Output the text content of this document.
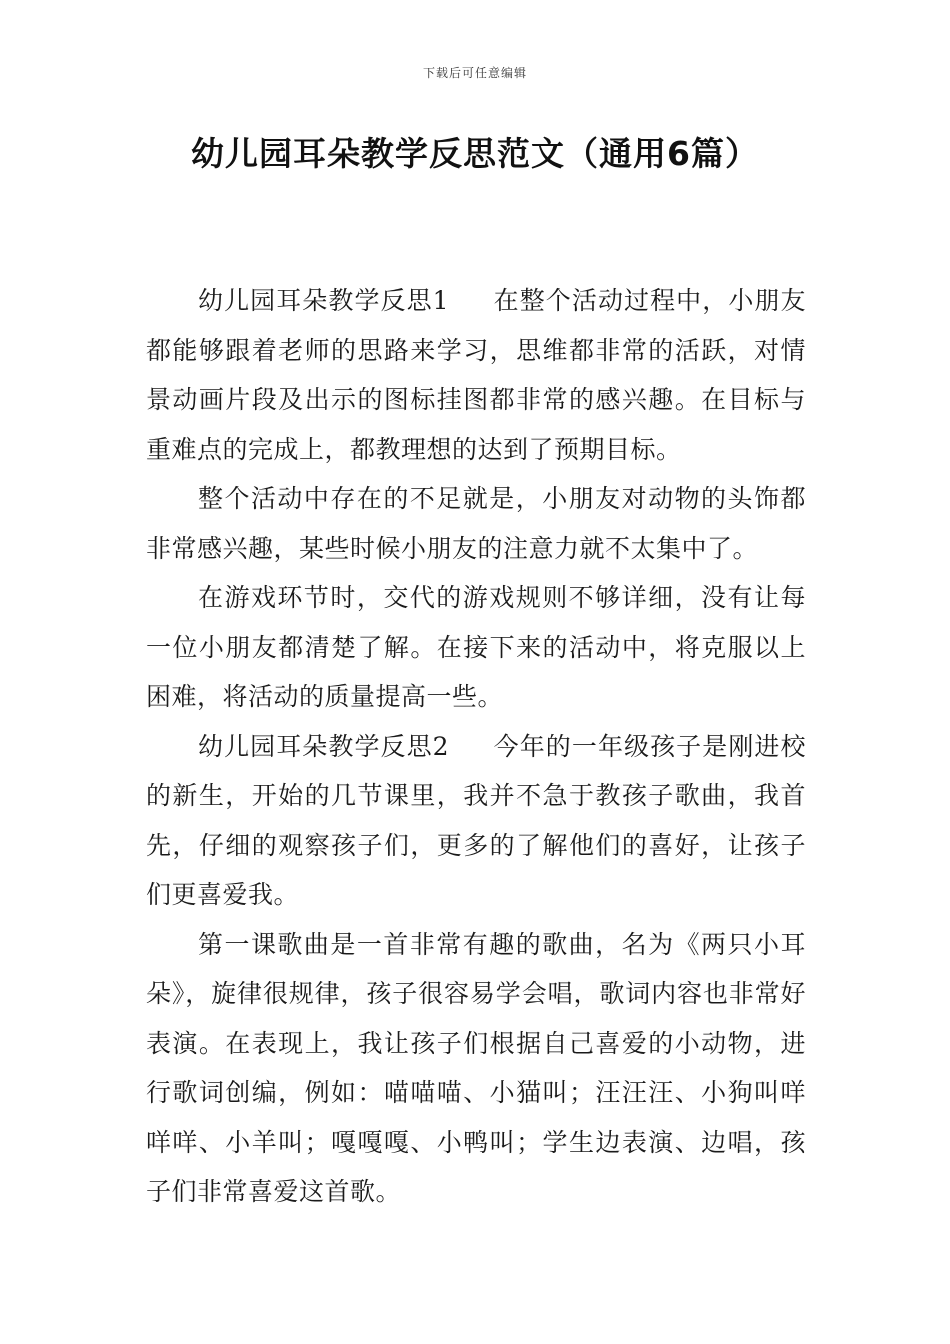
下载后可任意编辑
幼儿园耳朵教学反思范文（通用6篇）

幼儿园耳朵教学反思1 在整个活动过程中，小朋友都能够跟着老师的思路来学习，思维都非常的活跃，对情景动画片段及出示的图标挂图都非常的感兴趣。在目标与重难点的完成上，都教理想的达到了预期目标。

整个活动中存在的不足就是，小朋友对动物的头饰都非常感兴趣，某些时候小朋友的注意力就不太集中了。

在游戏环节时，交代的游戏规则不够详细，没有让每一位小朋友都清楚了解。在接下来的活动中，将克服以上困难，将活动的质量提高一些。

幼儿园耳朵教学反思2 今年的一年级孩子是刚进校的新生，开始的几节课里，我并不急于教孩子歌曲，我首先，仔细的观察孩子们，更多的了解他们的喜好，让孩子们更喜爱我。

第一课歌曲是一首非常有趣的歌曲，名为《两只小耳朵》，旋律很规律，孩子很容易学会唱，歌词内容也非常好表演。在表现上，我让孩子们根据自己喜爱的小动物，进行歌词创编，例如：喵喵喵、小猫叫；汪汪汪、小狗叫咩咩咩、小羊叫；嘎嘎嘎、小鸭叫；学生边表演、边唱，孩子们非常喜爱这首歌。
